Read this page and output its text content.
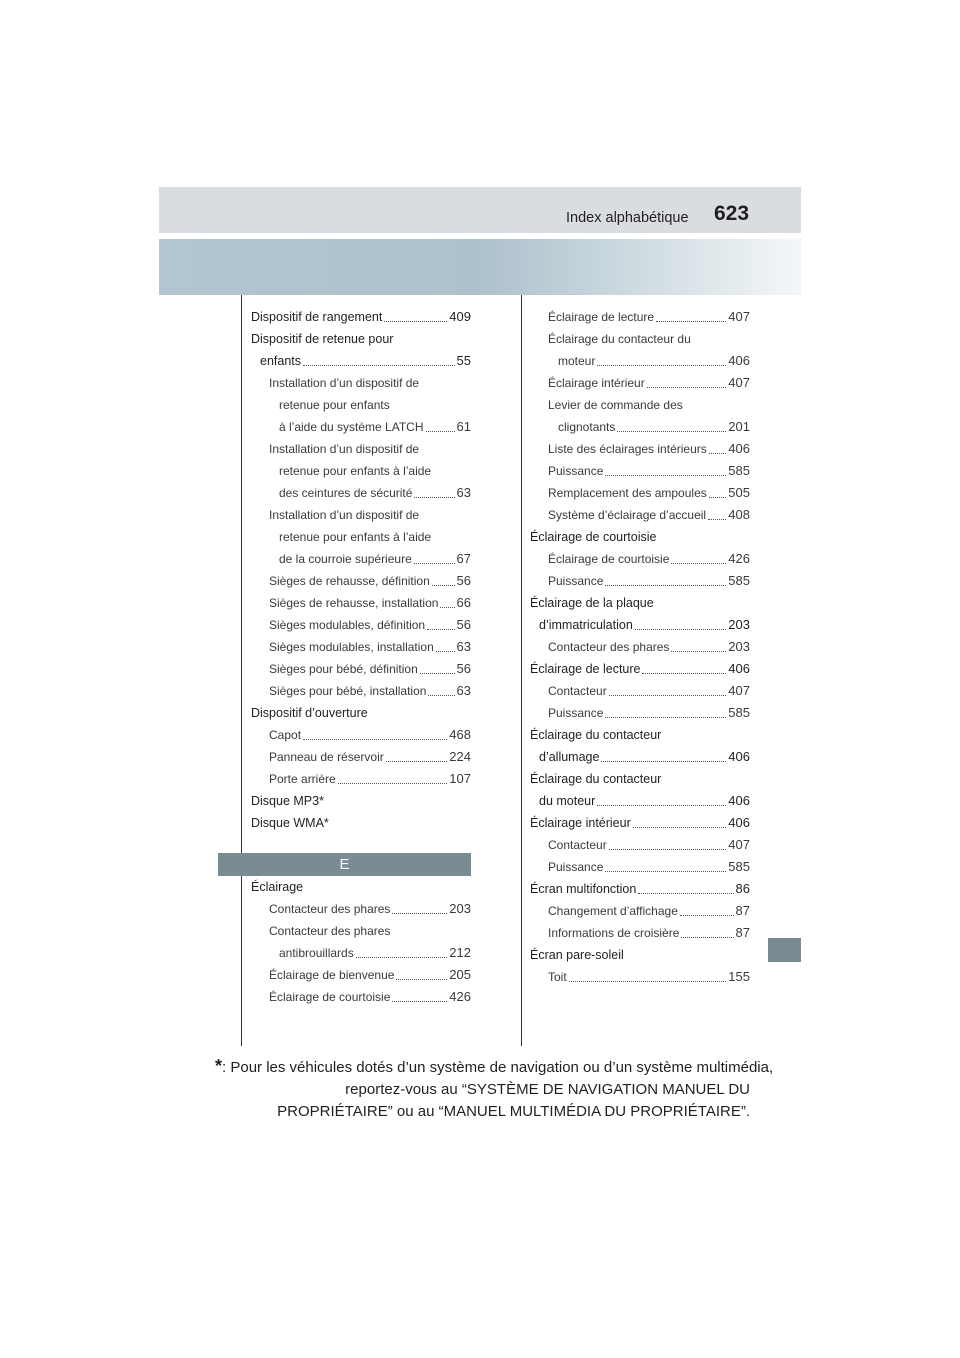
Index alphabétique 623
Dispositif de rangement	409
Dispositif de retenue pour
enfants	55
Installation d’un dispositif de
retenue pour enfants
à l’aide du système LATCH	61
Installation d’un dispositif de
retenue pour enfants à l’aide
des ceintures de sécurité	63
Installation d’un dispositif de
retenue pour enfants à l’aide
de la courroie supérieure	67
Sièges de rehausse, définition 56
Sièges de rehausse, installation 66
Sièges modulables, définition 56
Sièges modulables, installation 63
Sièges pour bébé, définition	56
Sièges pour bébé, installation 63
Dispositif d’ouverture
Capot	468
Panneau de réservoir	224
Porte arrière	107
Disque MP3*
Disque WMA*
E
Éclairage
Contacteur des phares	203
Contacteur des phares
antibrouillards	212
Éclairage de bienvenue	205
Éclairage de courtoisie	426
Éclairage de lecture	407
Éclairage du contacteur du
moteur	406
Éclairage intérieur	407
Levier de commande des
clignotants	201
Liste des éclairages intérieurs 406
Puissance	585
Remplacement des ampoules 505
Système d’éclairage d’accueil 408
Éclairage de courtoisie
Éclairage de courtoisie	426
Puissance	585
Éclairage de la plaque
d’immatriculation	203
Contacteur des phares	203
Éclairage de lecture	406
Contacteur	407
Puissance	585
Éclairage du contacteur
d’allumage	406
Éclairage du contacteur
du moteur	406
Éclairage intérieur	406
Contacteur	407
Puissance	585
Écran multifonction	86
Changement d’affichage	87
Informations de croisière	87
Écran pare-soleil
Toit	155
*: Pour les véhicules dotés d’un système de navigation ou d’un système multimédia,
reportez-vous au “SYSTÈME DE NAVIGATION MANUEL DU
PROPRIÉTAIRE” ou au “MANUEL MULTIMÉDIA DU PROPRIÉTAIRE”.
